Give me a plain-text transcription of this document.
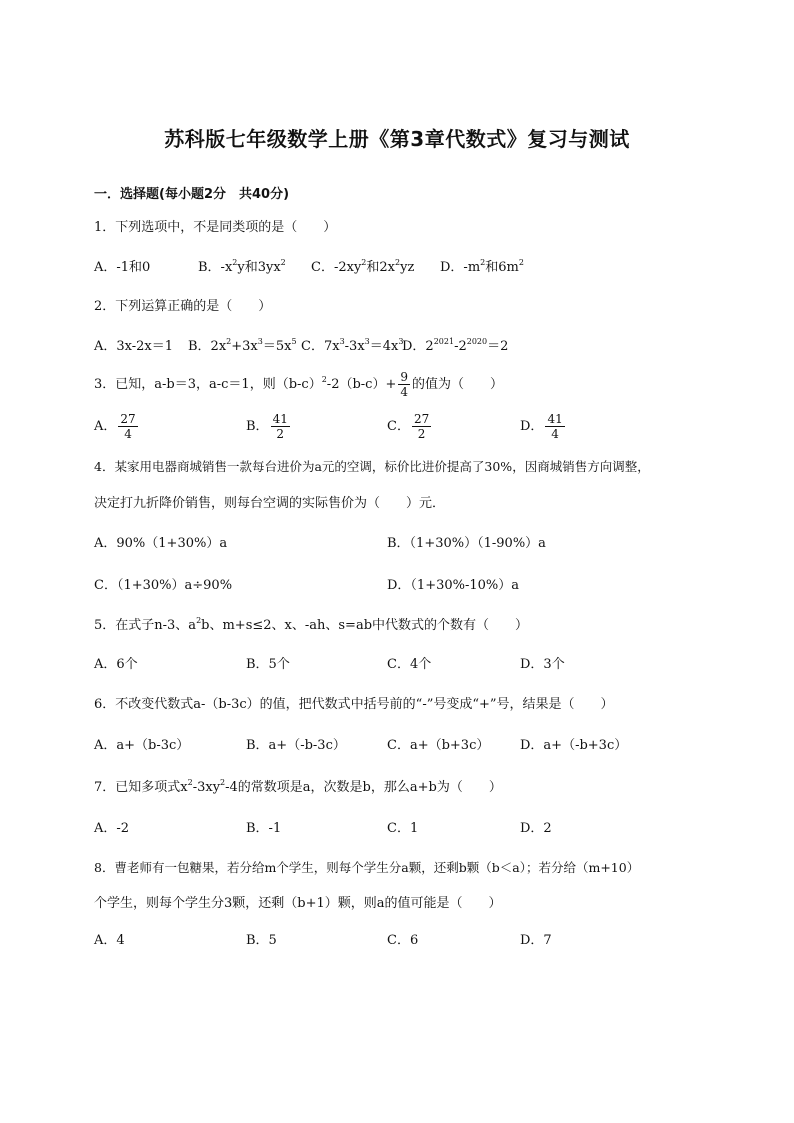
苏科版七年级数学上册《第3章代数式》复习与测试
一．选择题(每小题2分　共40分)
1．下列选项中，不是同类项的是（　　）
A．-1和0	B．$-x^2y$和$3yx^2$ C．$-2xy^2$和$2x^2yz$ D．$-m^2$和$6m^2$
2．下列运算正确的是（　　）
A．3x-2x＝1 B．$2x^2+3x^3=5x^5$ C．$7x^3-3x^3=4x^3$
D．$2^{2021}-2^{2020}=2$
3．已知，a-b＝3，a-c＝1，则$(b-c)^2-2(b-c)+ \frac{9}{4}$ 的值为（　　）
A． $\frac{27}{4}$	B． $\frac{41}{2}$	C． $\frac{27}{2}$	D． $\frac{41}{4}$
4．某家用电器商城销售一款每台进价为a元的空调，标价比进价提高了30%，因商城销售方向调整，
决定打九折降价销售，则每台空调的实际售价为（　　）元．
A．90%（1+30%）a	B．（1+30%）（1-90%）a
C．（1+30%）a÷90%	D．（1+30%-10%）a
5．在式子n-3、$a^2b$、m+s≤2、x、-ah、s=ab中代数式的个数有（　　）
A．6个	B．5个	C．4个	D．3个
6．不改变代数式a-（b-3c）的值，把代数式中括号前的“-”号变成“+”号，结果是（　　）
A．a+（b-3c）	B．a+（-b-3c）	C．a+（b+3c） D．a+（-b+3c）
7．已知多项式$x^2-3xy^2-4$的常数项是a，次数是b，那么a+b为（　　）
A．-2	B．-1	C．1	D．2
8．曹老师有一包糖果，若分给m个学生，则每个学生分a颗，还剩b颗（b＜a）；若分给（m+10）
个学生，则每个学生分3颗，还剩（b+1）颗，则a的值可能是（　　）
A．4	B．5	C．6	D．7
